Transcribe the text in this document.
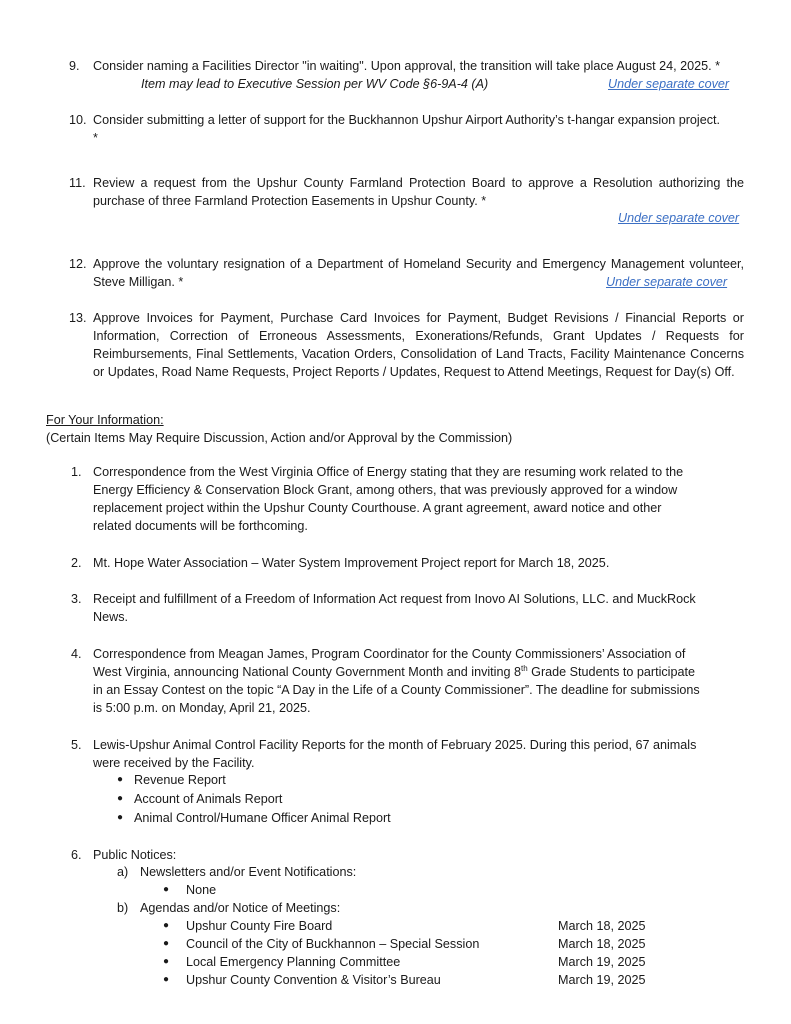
9. Consider naming a Facilities Director "in waiting". Upon approval, the transition will take place August 24, 2025. *
Item may lead to Executive Session per WV Code §6-9A-4 (A)	Under separate cover
10. Consider submitting a letter of support for the Buckhannon Upshur Airport Authority’s t-hangar expansion project.
*
11. Review a request from the Upshur County Farmland Protection Board to approve a Resolution authorizing the
purchase of three Farmland Protection Easements in Upshur County. *
Under separate cover
12. Approve the voluntary resignation of a Department of Homeland Security and Emergency Management volunteer,
Steve Milligan. *	Under separate cover
13. Approve Invoices for Payment, Purchase Card Invoices for Payment, Budget Revisions / Financial Reports or
Information, Correction of Erroneous Assessments, Exonerations/Refunds, Grant Updates / Requests for
Reimbursements, Final Settlements, Vacation Orders, Consolidation of Land Tracts, Facility Maintenance Concerns
or Updates, Road Name Requests, Project Reports / Updates, Request to Attend Meetings, Request for Day(s) Off.
For Your Information:
(Certain Items May Require Discussion, Action and/or Approval by the Commission)
1. Correspondence from the West Virginia Office of Energy stating that they are resuming work related to the
Energy Efficiency & Conservation Block Grant, among others, that was previously approved for a window
replacement project within the Upshur County Courthouse. A grant agreement, award notice and other
related documents will be forthcoming.
2. Mt. Hope Water Association – Water System Improvement Project report for March 18, 2025.
3. Receipt and fulfillment of a Freedom of Information Act request from Inovo AI Solutions, LLC. and MuckRock
News.
4. Correspondence from Meagan James, Program Coordinator for the County Commissioners’ Association of
West Virginia, announcing National County Government Month and inviting 8th Grade Students to participate
in an Essay Contest on the topic “A Day in the Life of a County Commissioner”. The deadline for submissions
is 5:00 p.m. on Monday, April 21, 2025.
5. Lewis-Upshur Animal Control Facility Reports for the month of February 2025. During this period, 67 animals
were received by the Facility.
● Revenue Report
● Account of Animals Report
● Animal Control/Humane Officer Animal Report
6. Public Notices:
a) Newsletters and/or Event Notifications:
● None
b) Agendas and/or Notice of Meetings:
● Upshur County Fire Board	March 18, 2025
● Council of the City of Buckhannon – Special Session	March 18, 2025
● Local Emergency Planning Committee	March 19, 2025
● Upshur County Convention & Visitor’s Bureau	March 19, 2025
